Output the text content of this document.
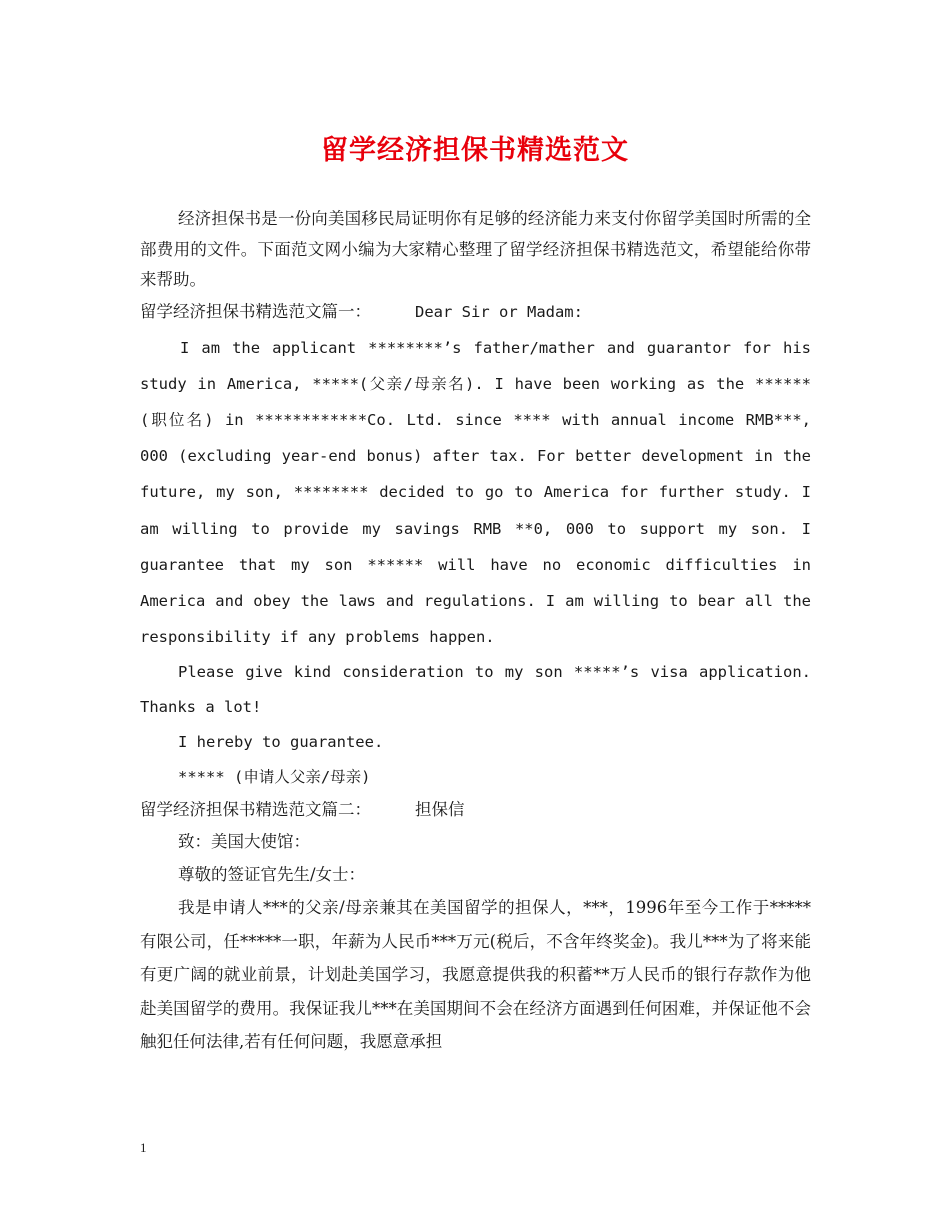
留学经济担保书精选范文

经济担保书是一份向美国移民局证明你有足够的经济能力来支付你留学美国时所需的全部费用的文件。下面范文网小编为大家精心整理了留学经济担保书精选范文，希望能给你带来帮助。

留学经济担保书精选范文篇一：	Dear Sir or Madam:

I am the applicant ********’s father/mather and guarantor for his study in America, *****(父亲/母亲名). I have been working as the ******(职位名) in ************Co. Ltd. since **** with annual income RMB***, 000 (excluding year-end bonus) after tax. For better development in the future, my son, ******** decided to go to America for further study. I am willing to provide my savings RMB **0, 000 to support my son. I guarantee that my son ****** will have no economic difficulties in America and obey the laws and regulations. I am willing to bear all the responsibility if any problems happen.

Please give kind consideration to my son *****’s visa application. Thanks a lot!

I hereby to guarantee.

***** (申请人父亲/母亲)

留学经济担保书精选范文篇二：	担保信

致：美国大使馆：

尊敬的签证官先生/女士：

我是申请人***的父亲/母亲兼其在美国留学的担保人，***，1996年至今工作于*****有限公司，任*****一职，年薪为人民币***万元(税后，不含年终奖金)。我儿***为了将来能有更广阔的就业前景，计划赴美国学习，我愿意提供我的积蓄**万人民币的银行存款作为他赴美国留学的费用。我保证我儿***在美国期间不会在经济方面遇到任何困难，并保证他不会触犯任何法律,若有任何问题，我愿意承担

1
